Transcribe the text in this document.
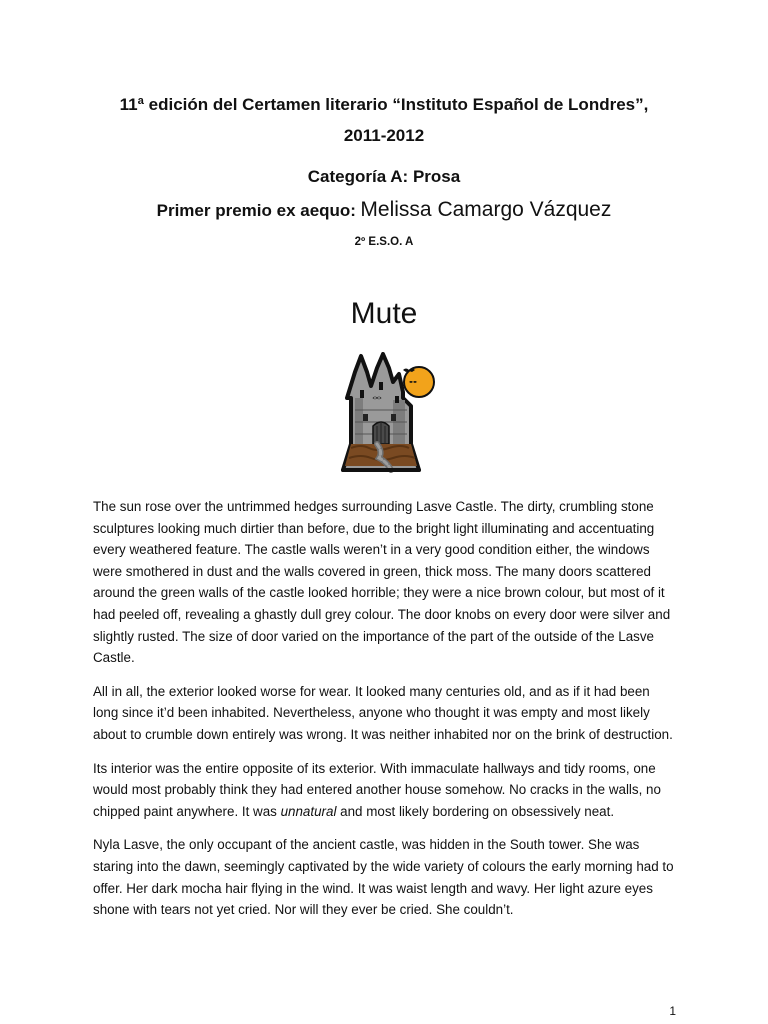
11ª edición del Certamen literario “Instituto Español de Londres”,
2011-2012
Categoría A: Prosa
Primer premio ex aequo: Melissa Camargo Vázquez
2º E.S.O. A
Mute

The sun rose over the untrimmed hedges surrounding Lasve Castle. The dirty, crumbling stone sculptures looking much dirtier than before, due to the bright light illuminating and accentuating every weathered feature. The castle walls weren’t in a very good condition either, the windows were smothered in dust and the walls covered in green, thick moss. The many doors scattered around the green walls of the castle looked horrible; they were a nice brown colour, but most of it had peeled off, revealing a ghastly dull grey colour. The door knobs on every door were silver and slightly rusted. The size of door varied on the importance of the part of the outside of the Lasve Castle.

All in all, the exterior looked worse for wear. It looked many centuries old, and as if it had been long since it’d been inhabited. Nevertheless, anyone who thought it was empty and most likely about to crumble down entirely was wrong. It was neither inhabited nor on the brink of destruction.

Its interior was the entire opposite of its exterior. With immaculate hallways and tidy rooms, one would most probably think they had entered another house somehow. No cracks in the walls, no chipped paint anywhere. It was unnatural and most likely bordering on obsessively neat.

Nyla Lasve, the only occupant of the ancient castle, was hidden in the South tower. She was staring into the dawn, seemingly captivated by the wide variety of colours the early morning had to offer. Her dark mocha hair flying in the wind. It was waist length and wavy. Her light azure eyes shone with tears not yet cried. Nor will they ever be cried. She couldn’t.

1
